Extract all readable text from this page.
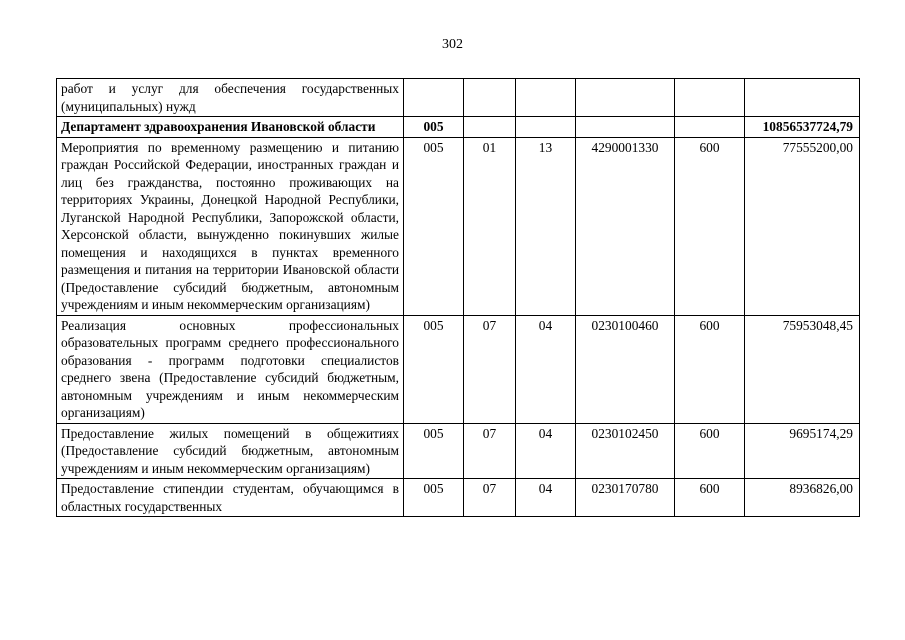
302
работ и услуг для обеспечения государственных (муниципальных) нужд						
Департамент здравоохранения Ивановской области	005					10856537724,79
Мероприятия по временному размещению и питанию граждан Российской Федерации, иностранных граждан и лиц без гражданства, постоянно проживающих на территориях Украины, Донецкой Народной Республики, Луганской Народной Республики, Запорожской области, Херсонской области, вынужденно покинувших жилые помещения и находящихся в пунктах временного размещения и питания на территории Ивановской области (Предоставление субсидий бюджетным, автономным учреждениям и иным некоммерческим организациям)	005	01	13	4290001330	600	77555200,00
Реализация основных профессиональных образовательных программ среднего профессионального образования - программ подготовки специалистов среднего звена (Предоставление субсидий бюджетным, автономным учреждениям и иным некоммерческим организациям)	005	07	04	0230100460	600	75953048,45
Предоставление жилых помещений в общежитиях (Предоставление субсидий бюджетным, автономным учреждениям и иным некоммерческим организациям)	005	07	04	0230102450	600	9695174,29
Предоставление стипендии студентам, обучающимся в областных государственных	005	07	04	0230170780	600	8936826,00
